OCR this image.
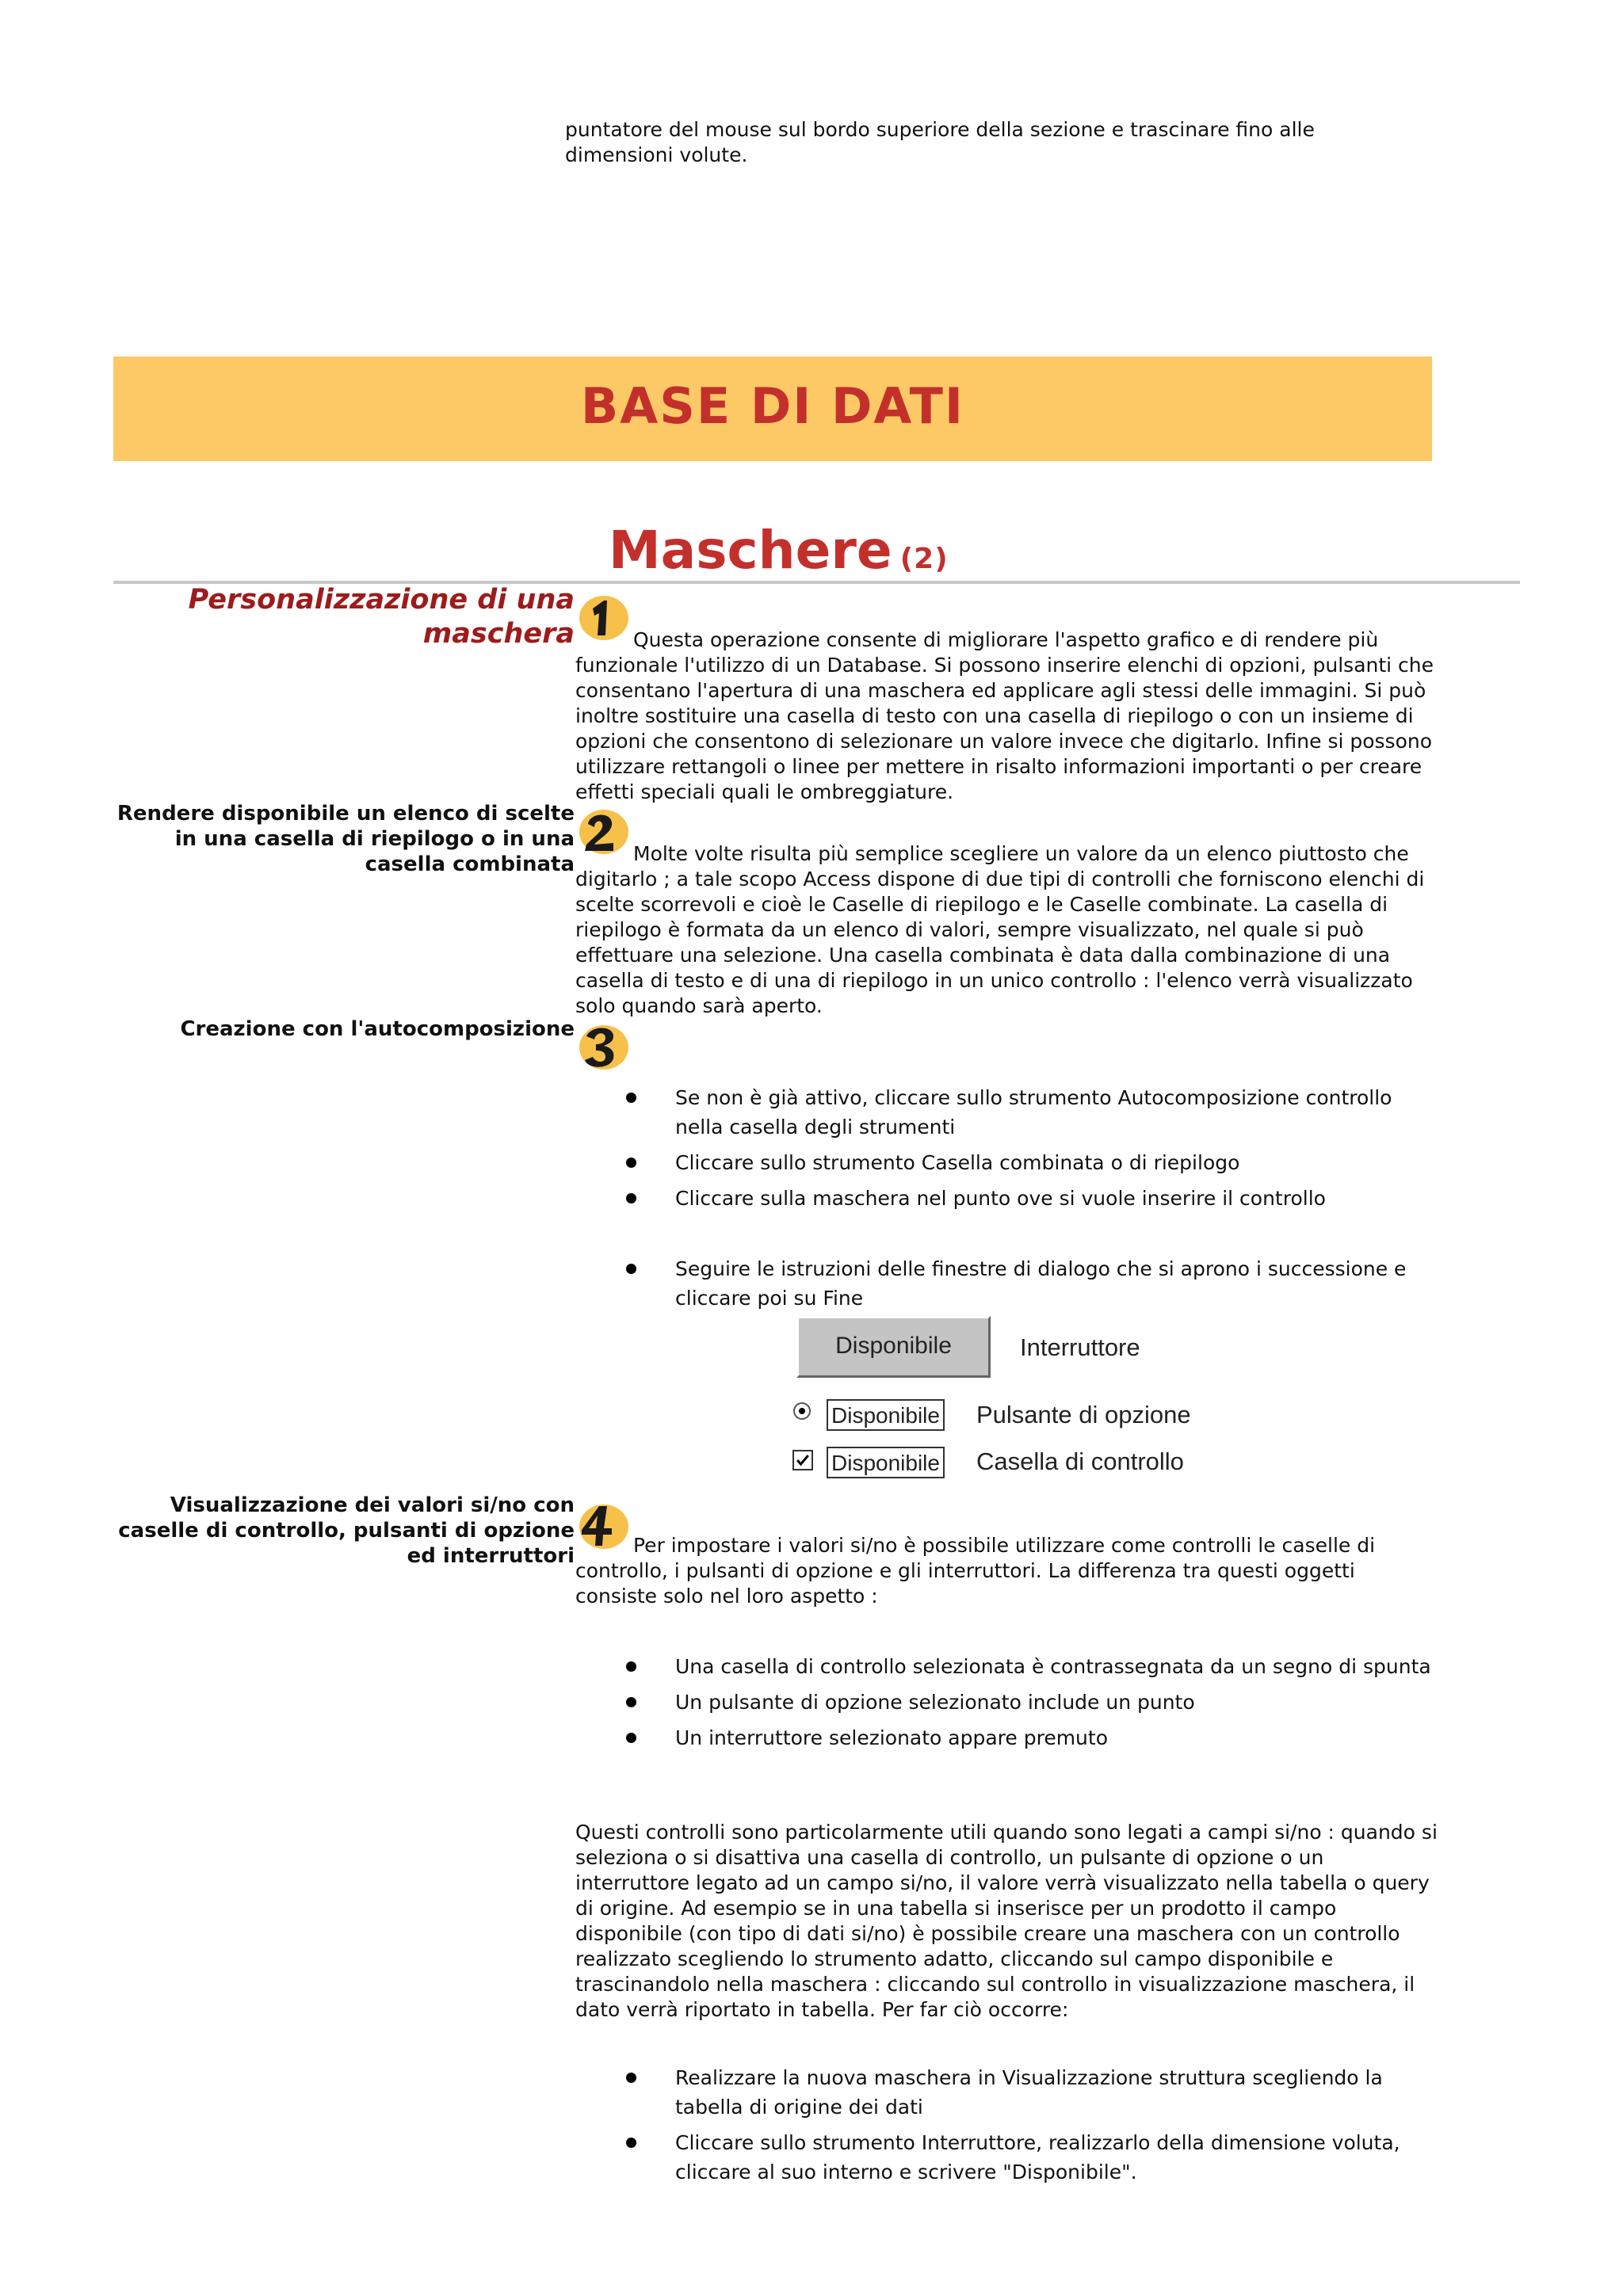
puntatore del mouse sul bordo superiore della sezione e trascinare fino alle
dimensioni volute.
BASE DI DATI
Maschere (2)
Personalizzazione di una
maschera	Questa operazione consente di migliorare l'aspetto grafico e di rendere più funzionale l'utilizzo di un Database. Si possono inserire elenchi di opzioni, pulsanti che consentano l'apertura di una maschera ed applicare agli stessi delle immagini. Si può inoltre sostituire una casella di testo con una casella di riepilogo o con un insieme di opzioni che consentono di selezionare un valore invece che digitarlo. Infine si possono utilizzare rettangoli o linee per mettere in risalto informazioni importanti o per creare effetti speciali quali le ombreggiature.
Rendere disponibile un elenco di scelte
in una casella di riepilogo o in una
casella combinata	Molte volte risulta più semplice scegliere un valore da un elenco piuttosto che digitarlo ; a tale scopo Access dispone di due tipi di controlli che forniscono elenchi di scelte scorrevoli e cioè le Caselle di riepilogo e le Caselle combinate. La casella di riepilogo è formata da un elenco di valori, sempre visualizzato, nel quale si può effettuare una selezione. Una casella combinata è data dalla combinazione di una casella di testo e di una di riepilogo in un unico controllo : l'elenco verrà visualizzato solo quando sarà aperto.
Creazione con l'autocomposizione
Se non è già attivo, cliccare sullo strumento Autocomposizione controllo nella casella degli strumenti
Cliccare sullo strumento Casella combinata o di riepilogo
Cliccare sulla maschera nel punto ove si vuole inserire il controllo
Seguire le istruzioni delle finestre di dialogo che si aprono i successione e cliccare poi su Fine
Disponibile	Interruttore
Disponibile Pulsante di opzione
Disponibile Casella di controllo
Visualizzazione dei valori si/no con
caselle di controllo, pulsanti di opzione
ed interruttori	Per impostare i valori si/no è possibile utilizzare come controlli le caselle di controllo, i pulsanti di opzione e gli interruttori. La differenza tra questi oggetti consiste solo nel loro aspetto :
Una casella di controllo selezionata è contrassegnata da un segno di spunta
Un pulsante di opzione selezionato include un punto
Un interruttore selezionato appare premuto
Questi controlli sono particolarmente utili quando sono legati a campi si/no : quando si seleziona o si disattiva una casella di controllo, un pulsante di opzione o un interruttore legato ad un campo si/no, il valore verrà visualizzato nella tabella o query di origine. Ad esempio se in una tabella si inserisce per un prodotto il campo disponibile (con tipo di dati si/no) è possibile creare una maschera con un controllo realizzato scegliendo lo strumento adatto, cliccando sul campo disponibile e trascinandolo nella maschera : cliccando sul controllo in visualizzazione maschera, il dato verrà riportato in tabella. Per far ciò occorre:
Realizzare la nuova maschera in Visualizzazione struttura scegliendo la tabella di origine dei dati
Cliccare sullo strumento Interruttore, realizzarlo della dimensione voluta, cliccare al suo interno e scrivere "Disponibile".
